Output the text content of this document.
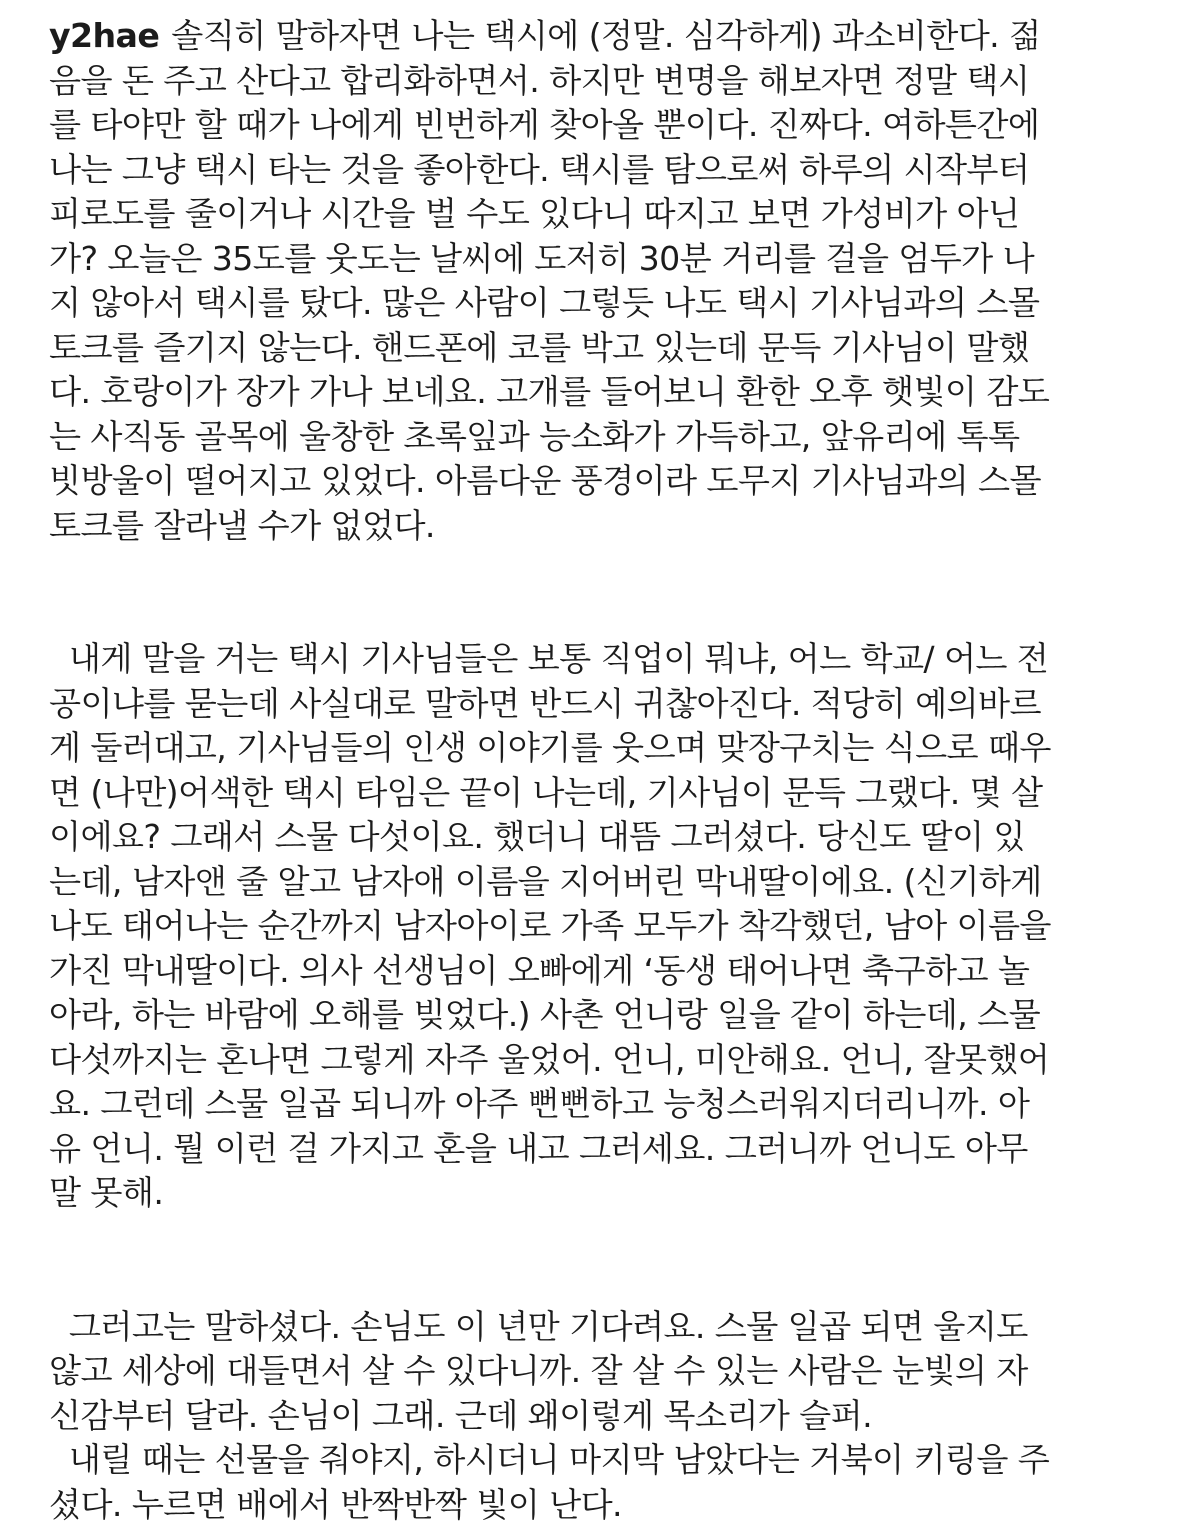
y2hae 솔직히 말하자면 나는 택시에 (정말. 심각하게) 과소비한다. 젊
음을 돈 주고 산다고 합리화하면서. 하지만 변명을 해보자면 정말 택시
를 타야만 할 때가 나에게 빈번하게 찾아올 뿐이다. 진짜다. 여하튼간에
나는 그냥 택시 타는 것을 좋아한다. 택시를 탐으로써 하루의 시작부터
피로도를 줄이거나 시간을 벌 수도 있다니 따지고 보면 가성비가 아닌
가? 오늘은 35도를 웃도는 날씨에 도저히 30분 거리를 걸을 엄두가 나
지 않아서 택시를 탔다. 많은 사람이 그렇듯 나도 택시 기사님과의 스몰
토크를 즐기지 않는다. 핸드폰에 코를 박고 있는데 문득 기사님이 말했
다. 호랑이가 장가 가나 보네요. 고개를 들어보니 환한 오후 햇빛이 감도
는 사직동 골목에 울창한 초록잎과 능소화가 가득하고, 앞유리에 톡톡
빗방울이 떨어지고 있었다. 아름다운 풍경이라 도무지 기사님과의 스몰
토크를 잘라낼 수가 없었다.
내게 말을 거는 택시 기사님들은 보통 직업이 뭐냐, 어느 학교/ 어느 전
공이냐를 묻는데 사실대로 말하면 반드시 귀찮아진다. 적당히 예의바르
게 둘러대고, 기사님들의 인생 이야기를 웃으며 맞장구치는 식으로 때우
면 (나만)어색한 택시 타임은 끝이 나는데, 기사님이 문득 그랬다. 몇 살
이에요? 그래서 스물 다섯이요. 했더니 대뜸 그러셨다. 당신도 딸이 있
는데, 남자앤 줄 알고 남자애 이름을 지어버린 막내딸이에요. (신기하게
나도 태어나는 순간까지 남자아이로 가족 모두가 착각했던, 남아 이름을
가진 막내딸이다. 의사 선생님이 오빠에게 ‘동생 태어나면 축구하고 놀
아라, 하는 바람에 오해를 빚었다.) 사촌 언니랑 일을 같이 하는데, 스물
다섯까지는 혼나면 그렇게 자주 울었어. 언니, 미안해요. 언니, 잘못했어
요. 그런데 스물 일곱 되니까 아주 뻔뻔하고 능청스러워지더리니까. 아
유 언니. 뭘 이런 걸 가지고 혼을 내고 그러세요. 그러니까 언니도 아무
말 못해.
그러고는 말하셨다. 손님도 이 년만 기다려요. 스물 일곱 되면 울지도
않고 세상에 대들면서 살 수 있다니까. 잘 살 수 있는 사람은 눈빛의 자
신감부터 달라. 손님이 그래. 근데 왜이렇게 목소리가 슬퍼.
내릴 때는 선물을 줘야지, 하시더니 마지막 남았다는 거북이 키링을 주
셨다. 누르면 배에서 반짝반짝 빛이 난다.
